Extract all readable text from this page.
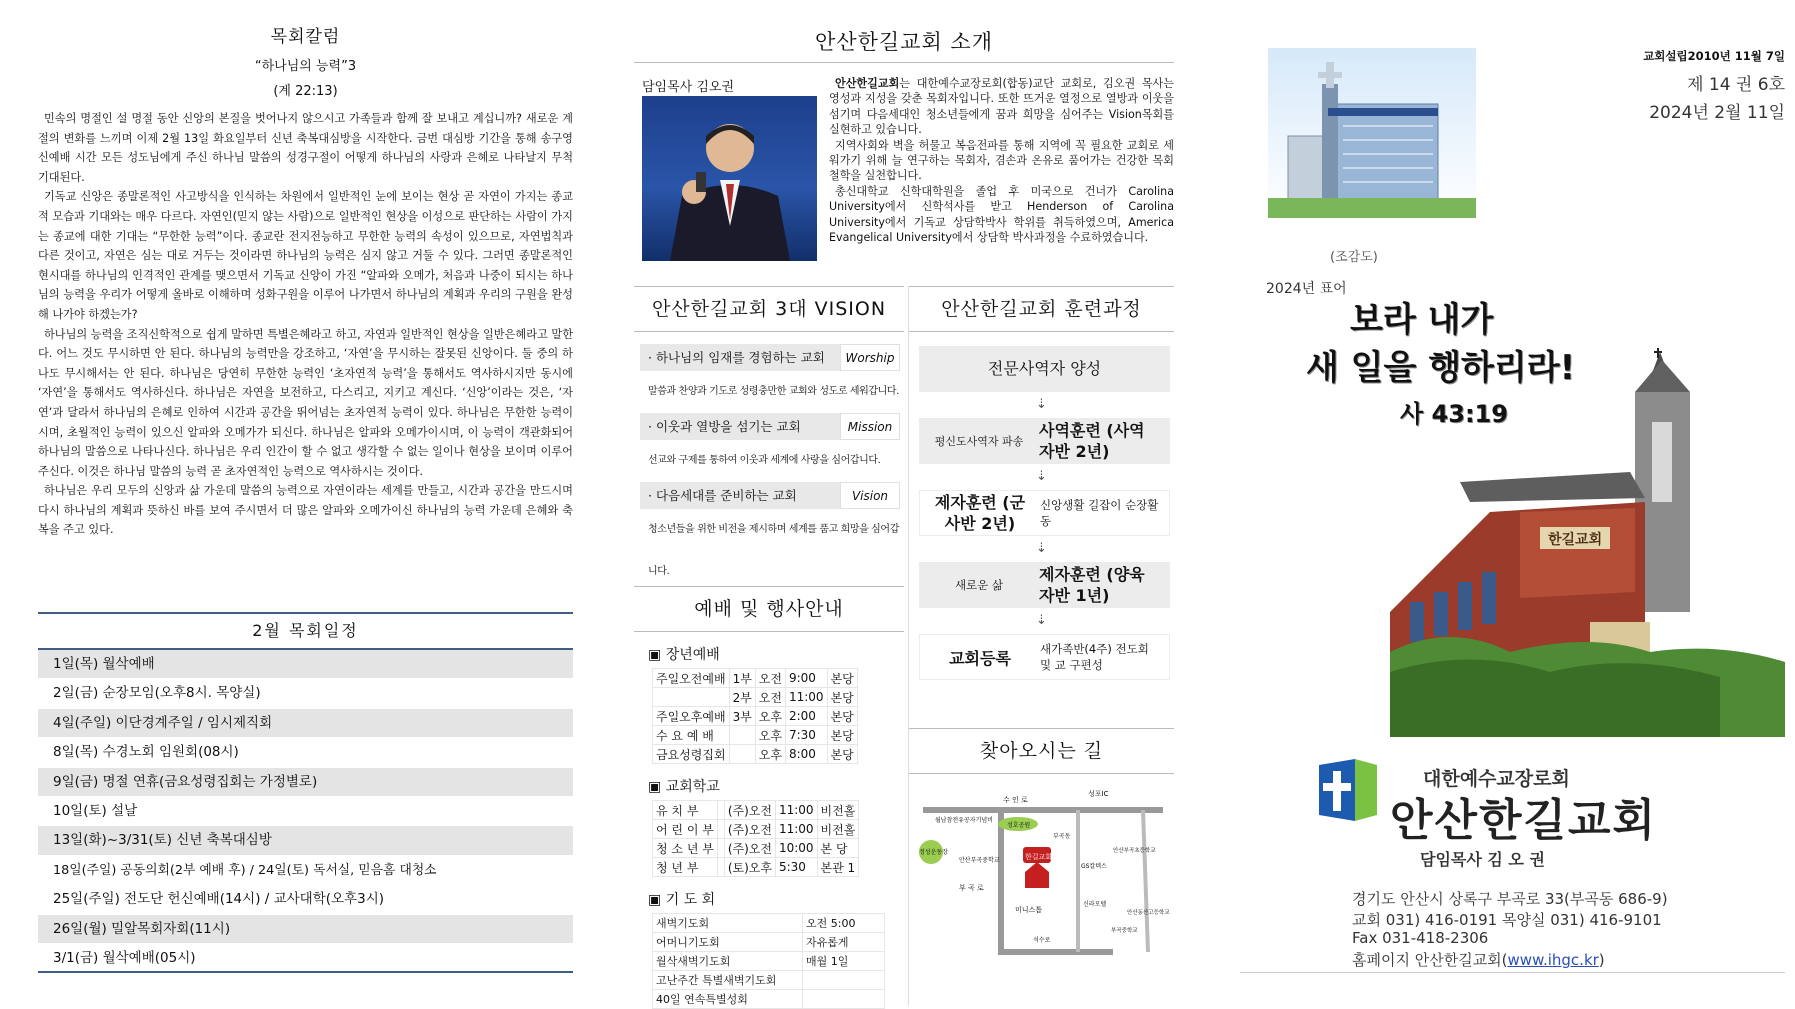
목회칼럼
“하나님의 능력”3
(계 22:13)

민속의 명절인 설 명절 동안 신앙의 본질을 벗어나지 않으시고 가족들과 함께 잘 보내고 계십니까? 새로운 계절의 변화를 느끼며 이제 2월 13일 화요일부터 신년 축복대심방을 시작한다. 금번 대심방 기간을 통해 송구영신예배 시간 모든 성도님에게 주신 하나님 말씀의 성경구절이 어떻게 하나님의 사랑과 은혜로 나타날지 무척 기대된다.

기독교 신앙은 종말론적인 사고방식을 인식하는 차원에서 일반적인 눈에 보이는 현상 곧 자연이 가지는 종교적 모습과 기대와는 매우 다르다. 자연인(믿지 않는 사람)으로 일반적인 현상을 이성으로 판단하는 사람이 가지는 종교에 대한 기대는 “무한한 능력”이다. 종교란 전지전능하고 무한한 능력의 속성이 있으므로, 자연법칙과 다른 것이고, 자연은 심는 대로 거두는 것이라면 하나님의 능력은 심지 않고 거둘 수 있다. 그러면 종말론적인 현시대를 하나님의 인격적인 관계를 맺으면서 기독교 신앙이 가진 “알파와 오메가, 처음과 나중이 되시는 하나님의 능력을 우리가 어떻게 올바로 이해하며 성화구원을 이루어 나가면서 하나님의 계획과 우리의 구원을 완성해 나가야 하겠는가?

하나님의 능력을 조직신학적으로 쉽게 말하면 특별은혜라고 하고, 자연과 일반적인 현상을 일반은혜라고 말한다. 어느 것도 무시하면 안 된다. 하나님의 능력만을 강조하고, ‘자연’을 무시하는 잘못된 신앙이다. 둘 중의 하나도 무시해서는 안 된다. 하나님은 당연히 무한한 능력인 ‘초자연적 능력’을 통해서도 역사하시지만 동시에 ‘자연’을 통해서도 역사하신다. 하나님은 자연을 보전하고, 다스리고, 지키고 계신다. ‘신앙’이라는 것은, ‘자연’과 달라서 하나님의 은혜로 인하여 시간과 공간을 뛰어넘는 초자연적 능력이 있다. 하나님은 무한한 능력이시며, 초월적인 능력이 있으신 알파와 오메가가 되신다. 하나님은 알파와 오메가이시며, 이 능력이 객관화되어 하나님의 말씀으로 나타나신다. 하나님은 우리 인간이 할 수 없고 생각할 수 없는 일이나 현상을 보이며 이루어 주신다. 이것은 하나님 말씀의 능력 곧 초자연적인 능력으로 역사하시는 것이다.

하나님은 우리 모두의 신앙과 삶 가운데 말씀의 능력으로 자연이라는 세계를 만들고, 시간과 공간을 만드시며 다시 하나님의 계획과 뜻하신 바를 보여 주시면서 더 많은 알파와 오메가이신 하나님의 능력 가운데 은혜와 축복을 주고 있다.

2월 목회일정
1일(목) 월삭예배
2일(금) 순장모임(오후8시. 목양실)
4일(주일) 이단경계주일 / 임시제직회
8일(목) 수경노회 임원회(08시)
9일(금) 명절 연휴(금요성령집회는 가정별로)
10일(토) 설날
13일(화)~3/31(토) 신년 축복대심방
18일(주일) 공동의회(2부 예배 후) / 24일(토) 독서실, 믿음홈 대청소
25일(주일) 전도단 헌신예배(14시) / 교사대학(오후3시)
26일(월) 밀알목회자회(11시)
3/1(금) 월삭예배(05시)
안산한길교회 소개
담임목사 김오권	안산한길교회는 대한예수교장로회(합동)교단 교회로, 김오권 목사는 영성과 지성을 갖춘 목회자입니다. 또한 뜨거운 열정으로 열방과 이웃을 섬기며 다음세대인 청소년들에게 꿈과 희망을 심어주는 Vision목회를 실현하고 있습니다.

지역사회와 벽을 허물고 복음전파를 통해 지역에 꼭 필요한 교회로 세워가기 위해 늘 연구하는 목회자, 겸손과 온유로 품어가는 건강한 목회철학을 실천합니다.

총신대학교 신학대학원을 졸업 후 미국으로 건너가 Carolina University에서 신학석사를 받고 Henderson of Carolina University에서 기독교 상담학박사 학위를 취득하였으며, America Evangelical University에서 상담학 박사과정을 수료하였습니다.

안산한길교회 3대 VISION
· 하나님의 임재를 경험하는 교회	Worship
말씀과 찬양과 기도로 성령충만한 교회와 성도로 세워갑니다.
· 이웃과 열방을 섬기는 교회	Mission
선교와 구제를 통하여 이웃과 세계에 사랑을 심어갑니다.
· 다음세대를 준비하는 교회	Vision
청소년들을 위한 비전을 제시하며 세계를 품고 희망을 심어갑니다.
안산한길교회 훈련과정
전문사역자 양성
⇣
평신도사역자 파송
사역훈련 (사역자반 2년)
⇣
제자훈련 (군사반 2년)
신앙생활 길잡이 순장활동
⇣
새로운 삶
제자훈련 (양육자반 1년)
⇣
교회등록	새가족반(4주) 전도회 및 교 구편성
예배 및 행사안내
▣ 장년예배
주일오전예배	1부	오전	9:00	본당
	2부	오전	11:00	본당
주일오후예배	3부	오후	2:00	본당
수 요 예 배		오후	7:30	본당
금요성령집회		오후	8:00	본당
▣ 교회학교
유 치 부		(주)오전	11:00	비전홀
어 린 이 부		(주)오전	11:00	비전홀
청 소 년 부		(주)오전	10:00	본 당
청 년 부		(토)오후	5:30	본관 1
▣ 기 도 회
새벽기도회	오전 5:00
어머니기도회	자유롭게
월삭새벽기도회	매월 1일
고난주간 특별새벽기도회	
40일 연속특별성회	
찾아오시는 길
수 인 로
성포IC
월남참전유공자기념비
성호공원
한길교회
안산부곡중학교
부 곡 로
미니스톱
신라모텔
GS칼텍스
안산부곡초등학교
부곡중학교
안산동산고등학교
정성운동장
부곡동
석수로
교회설립2010년 11월 7일
제 14 권 6호
2024년 2월 11일
(조감도)
2024년 표어
보라 내가
새 일을 행하리라!
사 43:19
한길교회
대한예수교장로회
안산한길교회
담임목사 김 오 권
경기도 안산시 상록구 부곡로 33(부곡동 686-9)
교회 031) 416-0191 목양실 031) 416-9101
Fax 031-418-2306
홈페이지 안산한길교회(www.ihgc.kr)
